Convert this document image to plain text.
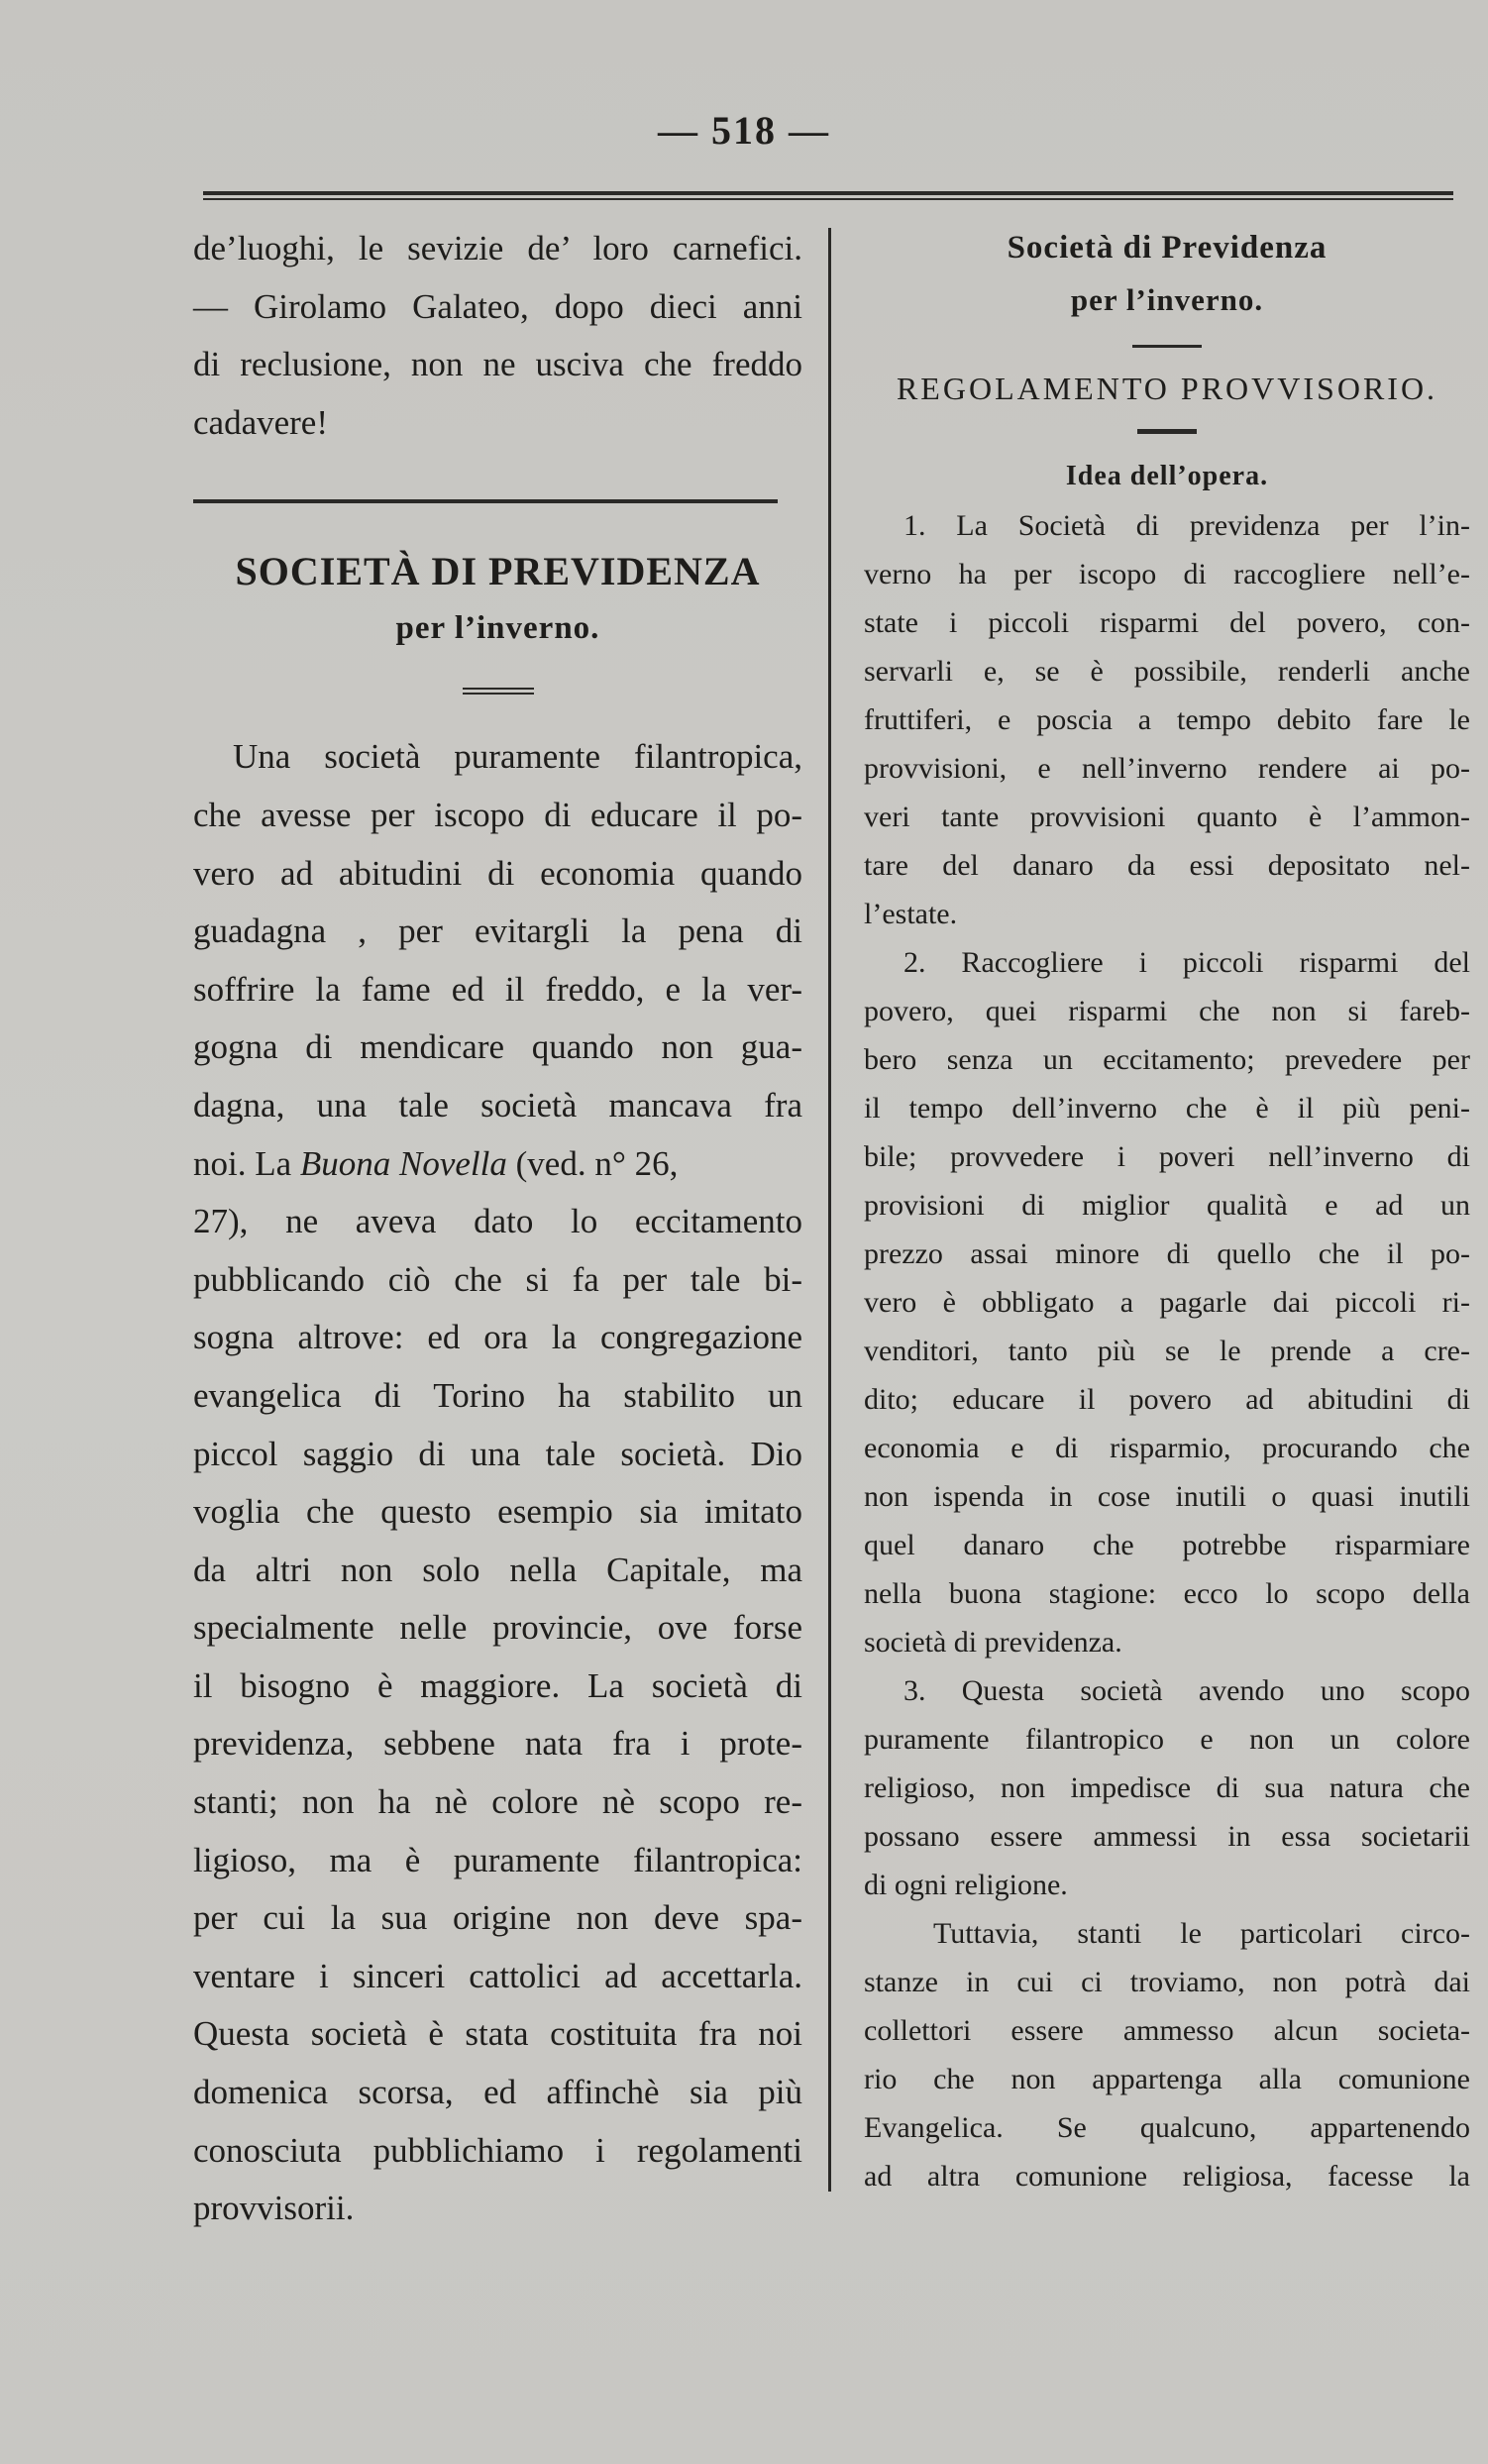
— 518 —
de’luoghi, le sevizie de’ loro carnefici.
— Girolamo Galateo, dopo dieci anni
di reclusione, non ne usciva che freddo
cadavere!
SOCIETÀ DI PREVIDENZA
per l’inverno.
Una società puramente filantropica,
che avesse per iscopo di educare il po-
vero ad abitudini di economia quando
guadagna , per evitargli la pena di
soffrire la fame ed il freddo, e la ver-
gogna di mendicare quando non gua-
dagna, una tale società mancava fra
noi. La Buona Novella (ved. n° 26,
27), ne aveva dato lo eccitamento
pubblicando ciò che si fa per tale bi-
sogna altrove: ed ora la congregazione
evangelica di Torino ha stabilito un
piccol saggio di una tale società. Dio
voglia che questo esempio sia imitato
da altri non solo nella Capitale, ma
specialmente nelle provincie, ove forse
il bisogno è maggiore. La società di
previdenza, sebbene nata fra i prote-
stanti; non ha nè colore nè scopo re-
ligioso, ma è puramente filantropica:
per cui la sua origine non deve spa-
ventare i sinceri cattolici ad accettarla.
Questa società è stata costituita fra noi
domenica scorsa, ed affinchè sia più
conosciuta pubblichiamo i regolamenti
provvisorii.
Società di Previdenza
per l’inverno.
REGOLAMENTO PROVVISORIO.
Idea dell’opera.
1. La Società di previdenza per l’in-
verno ha per iscopo di raccogliere nell’e-
state i piccoli risparmi del povero, con-
servarli e, se è possibile, renderli anche
fruttiferi, e poscia a tempo debito fare le
provvisioni, e nell’inverno rendere ai po-
veri tante provvisioni quanto è l’ammon-
tare del danaro da essi depositato nel-
l’estate.
2. Raccogliere i piccoli risparmi del
povero, quei risparmi che non si fareb-
bero senza un eccitamento; prevedere per
il tempo dell’inverno che è il più peni-
bile; provvedere i poveri nell’inverno di
provisioni di miglior qualità e ad un
prezzo assai minore di quello che il po-
vero è obbligato a pagarle dai piccoli ri-
venditori, tanto più se le prende a cre-
dito; educare il povero ad abitudini di
economia e di risparmio, procurando che
non ispenda in cose inutili o quasi inutili
quel danaro che potrebbe risparmiare
nella buona stagione: ecco lo scopo della
società di previdenza.
3. Questa società avendo uno scopo
puramente filantropico e non un colore
religioso, non impedisce di sua natura che
possano essere ammessi in essa societarii
di ogni religione.
Tuttavia, stanti le particolari circo-
stanze in cui ci troviamo, non potrà dai
collettori essere ammesso alcun societa-
rio che non appartenga alla comunione
Evangelica. Se qualcuno, appartenendo
ad altra comunione religiosa, facesse la
